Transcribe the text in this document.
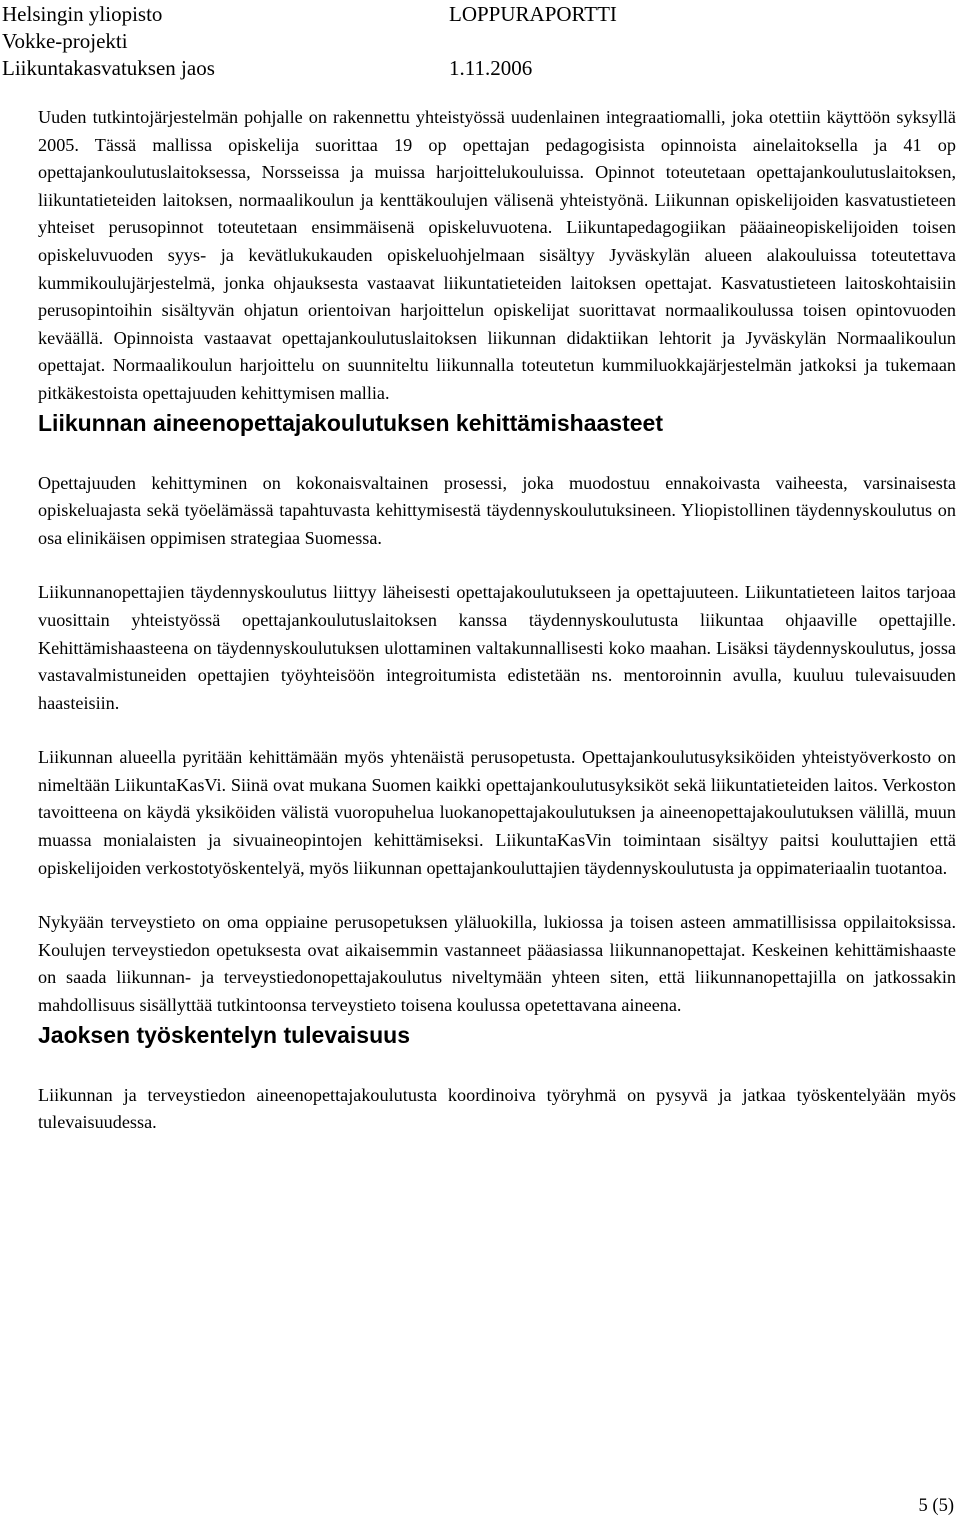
Helsingin yliopisto
Vokke-projekti
Liikuntakasvatuksen jaos
LOPPURAPORTTI

1.11.2006

Uuden tutkintojärjestelmän pohjalle on rakennettu yhteistyössä uudenlainen integraatiomalli, joka otettiin käyttöön syksyllä 2005. Tässä mallissa opiskelija suorittaa 19 op opettajan pedagogisista opinnoista ainelaitoksella ja 41 op opettajankoulutuslaitoksessa, Norsseissa ja muissa harjoittelukouluissa. Opinnot toteutetaan opettajankoulutuslaitoksen, liikuntatieteiden laitoksen, normaalikoulun ja kenttäkoulujen välisenä yhteistyönä. Liikunnan opiskelijoiden kasvatustieteen yhteiset perusopinnot toteutetaan ensimmäisenä opiskeluvuotena. Liikuntapedagogiikan pääaineopiskelijoiden toisen opiskeluvuoden syys- ja kevätlukukauden opiskeluohjelmaan sisältyy Jyväskylän alueen alakouluissa toteutettava kummikoulujärjestelmä, jonka ohjauksesta vastaavat liikuntatieteiden laitoksen opettajat. Kasvatustieteen laitoskohtaisiin perusopintoihin sisältyvän ohjatun orientoivan harjoittelun opiskelijat suorittavat normaalikoulussa toisen opintovuoden keväällä. Opinnoista vastaavat opettajankoulutuslaitoksen liikunnan didaktiikan lehtorit ja Jyväskylän Normaalikoulun opettajat. Normaalikoulun harjoittelu on suunniteltu liikunnalla toteutetun kummiluokkajärjestelmän jatkoksi ja tukemaan pitkäkestoista opettajuuden kehittymisen mallia.

Liikunnan aineenopettajakoulutuksen kehittämishaasteet

Opettajuuden kehittyminen on kokonaisvaltainen prosessi, joka muodostuu ennakoivasta vaiheesta, varsinaisesta opiskeluajasta sekä työelämässä tapahtuvasta kehittymisestä täydennyskoulutuksineen. Yliopistollinen täydennyskoulutus on osa elinikäisen oppimisen strategiaa Suomessa.

Liikunnanopettajien täydennyskoulutus liittyy läheisesti opettajakoulutukseen ja opettajuuteen. Liikuntatieteen laitos tarjoaa vuosittain yhteistyössä opettajankoulutuslaitoksen kanssa täydennyskoulutusta liikuntaa ohjaaville opettajille. Kehittämishaasteena on täydennyskoulutuksen ulottaminen valtakunnallisesti koko maahan. Lisäksi täydennyskoulutus, jossa vastavalmistuneiden opettajien työyhteisöön integroitumista edistetään ns. mentoroinnin avulla, kuuluu tulevaisuuden haasteisiin.

Liikunnan alueella pyritään kehittämään myös yhtenäistä perusopetusta. Opettajankoulutusyksiköiden yhteistyöverkosto on nimeltään LiikuntaKasVi. Siinä ovat mukana Suomen kaikki opettajankoulutusyksiköt sekä liikuntatieteiden laitos. Verkoston tavoitteena on käydä yksiköiden välistä vuoropuhelua luokanopettajakoulutuksen ja aineenopettajakoulutuksen välillä, muun muassa monialaisten ja sivuaineopintojen kehittämiseksi. LiikuntaKasVin toimintaan sisältyy paitsi kouluttajien että opiskelijoiden verkostotyöskentelyä, myös liikunnan opettajankouluttajien täydennyskoulutusta ja oppimateriaalin tuotantoa.

Nykyään terveystieto on oma oppiaine perusopetuksen yläluokilla, lukiossa ja toisen asteen ammatillisissa oppilaitoksissa. Koulujen terveystiedon opetuksesta ovat aikaisemmin vastanneet pääasiassa liikunnanopettajat. Keskeinen kehittämishaaste on saada liikunnan- ja terveystiedonopettajakoulutus niveltymään yhteen siten, että liikunnanopettajilla on jatkossakin mahdollisuus sisällyttää tutkintoonsa terveystieto toisena koulussa opetettavana aineena.

Jaoksen työskentelyn tulevaisuus

Liikunnan ja terveystiedon aineenopettajakoulutusta koordinoiva työryhmä on pysyvä ja jatkaa työskentelyään myös tulevaisuudessa.

5 (5)
